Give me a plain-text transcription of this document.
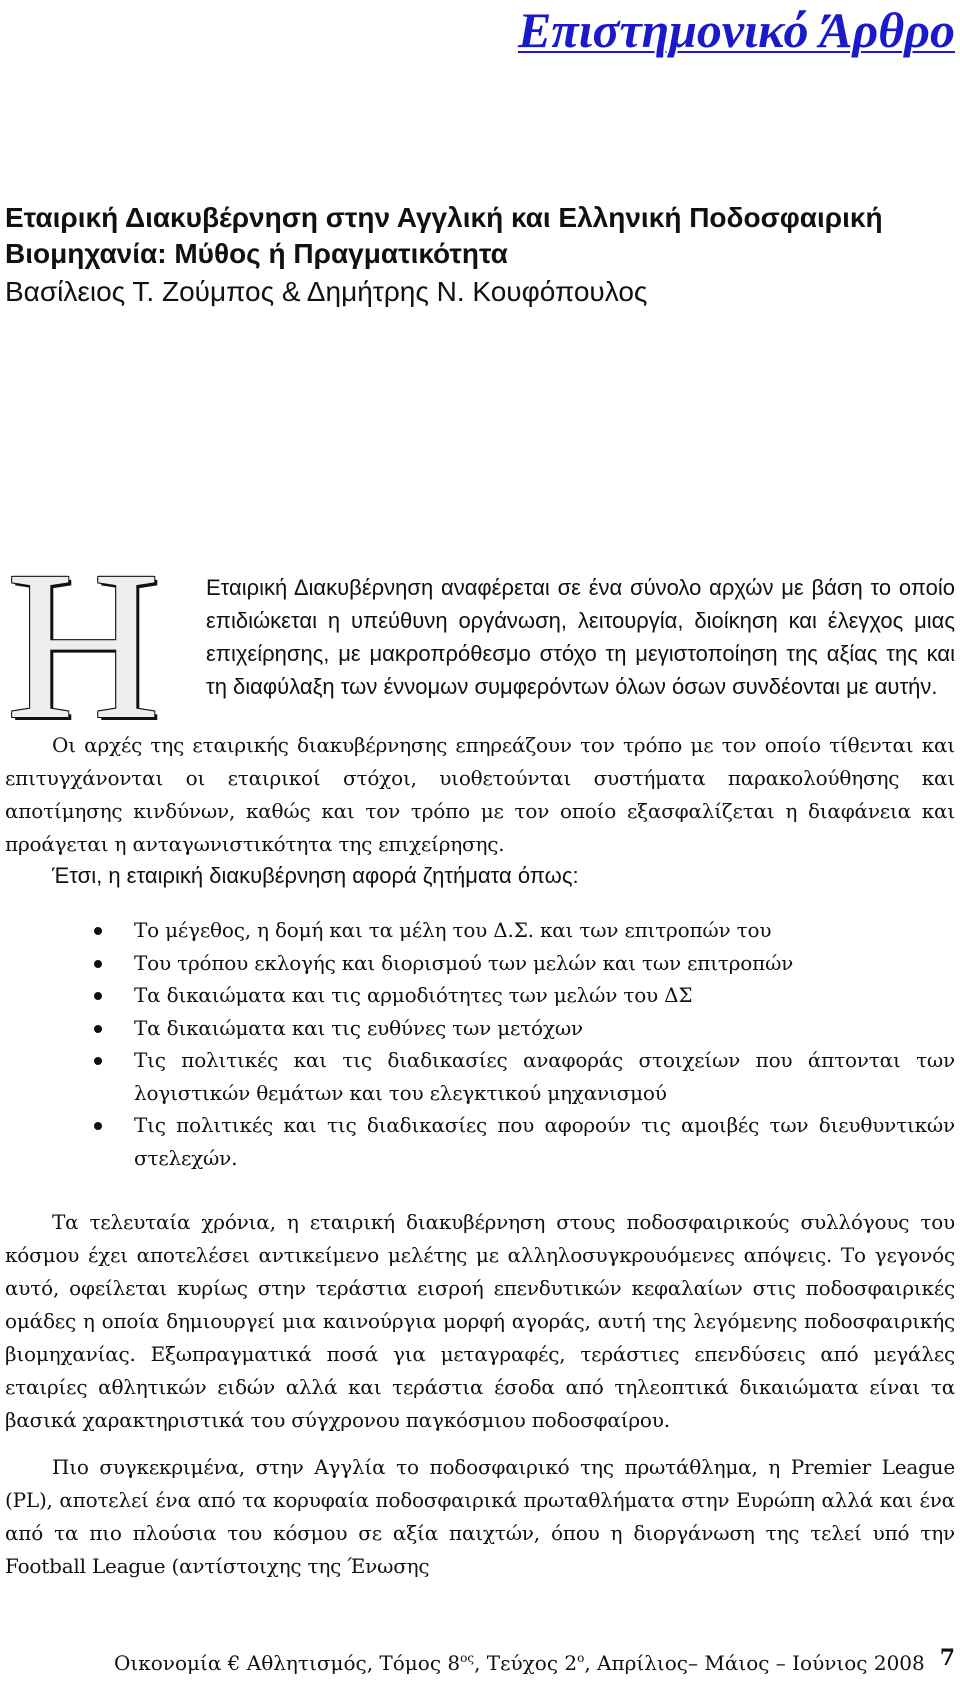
Επιστημονικό Άρθρο
Εταιρική Διακυβέρνηση στην Αγγλική και Ελληνική Ποδοσφαιρική Βιομηχανία: Μύθος ή Πραγματικότητα

Βασίλειος Τ. Ζούμπος & Δημήτρης Ν. Κουφόπουλος

Η Εταιρική Διακυβέρνηση αναφέρεται σε ένα σύνολο αρχών με βάση το οποίο επιδιώκεται η υπεύθυνη οργάνωση, λειτουργία, διοίκηση και έλεγχος μιας επιχείρησης, με μακροπρόθεσμο στόχο τη μεγιστοποίηση της αξίας της και τη διαφύλαξη των έννομων συμφερόντων όλων όσων συνδέονται με αυτήν.

Οι αρχές της εταιρικής διακυβέρνησης επηρεάζουν τον τρόπο με τον οποίο τίθενται και επιτυγχάνονται οι εταιρικοί στόχοι, υιοθετούνται συστήματα παρακολούθησης και αποτίμησης κινδύνων, καθώς και τον τρόπο με τον οποίο εξασφαλίζεται η διαφάνεια και προάγεται η ανταγωνιστικότητα της επιχείρησης.

Έτσι, η εταιρική διακυβέρνηση αφορά ζητήματα όπως:

Το μέγεθος, η δομή και τα μέλη του Δ.Σ. και των επιτροπών του
Του τρόπου εκλογής και διορισμού των μελών και των επιτροπών
Τα δικαιώματα και τις αρμοδιότητες των μελών του ΔΣ
Τα δικαιώματα και τις ευθύνες των μετόχων
Τις πολιτικές και τις διαδικασίες αναφοράς στοιχείων που άπτονται των λογιστικών θεμάτων και του ελεγκτικού μηχανισμού
Τις πολιτικές και τις διαδικασίες που αφορούν τις αμοιβές των διευθυντικών στελεχών.

Τα τελευταία χρόνια, η εταιρική διακυβέρνηση στους ποδοσφαιρικούς συλλόγους του κόσμου έχει αποτελέσει αντικείμενο μελέτης με αλληλοσυγκρουόμενες απόψεις. Το γεγονός αυτό, οφείλεται κυρίως στην τεράστια εισροή επενδυτικών κεφαλαίων στις ποδοσφαιρικές ομάδες η οποία δημιουργεί μια καινούργια μορφή αγοράς, αυτή της λεγόμενης ποδοσφαιρικής βιομηχανίας. Εξωπραγματικά ποσά για μεταγραφές, τεράστιες επενδύσεις από μεγάλες εταιρίες αθλητικών ειδών αλλά και τεράστια έσοδα από τηλεοπτικά δικαιώματα είναι τα βασικά χαρακτηριστικά του σύγχρονου παγκόσμιου ποδοσφαίρου.

Πιο συγκεκριμένα, στην Αγγλία το ποδοσφαιρικό της πρωτάθλημα, η Premier League (PL), αποτελεί ένα από τα κορυφαία ποδοσφαιρικά πρωταθλήματα στην Ευρώπη αλλά και ένα από τα πιο πλούσια του κόσμου σε αξία παιχτών, όπου η διοργάνωση της τελεί υπό την Football League (αντίστοιχης της Ένωσης

Οικονομία € Αθλητισμός, Τόμος $8^{o\varsigma}$, Τεύχος $2^o$, Απρίλιος– Μάιος – Ιούνιος 2008 7
